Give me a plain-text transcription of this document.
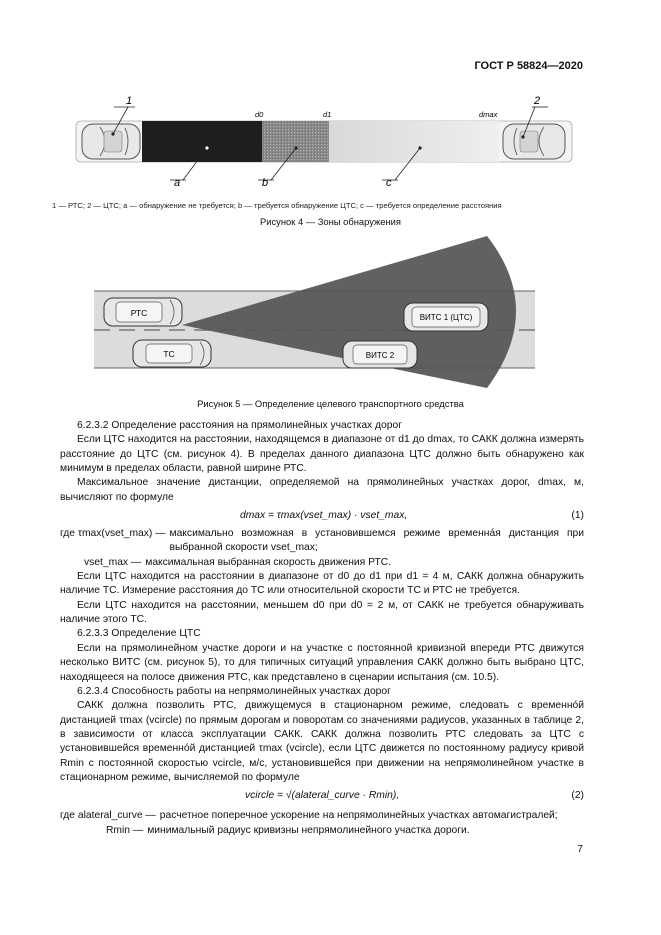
ГОСТ Р 58824—2020
1	2
a	b	c
d0	d1	dmax
РТС
ТС
ВИТС 1 (ЦТС)
ВИТС 2
1 — РТС; 2 — ЦТС; a — обнаружение не требуется; b — требуется обнаружение ЦТС; c — требуется определение расстояния
Рисунок 4 — Зоны обнаружения
Рисунок 5 — Определение целевого транспортного средства

6.2.3.2 Определение расстояния на прямолинейных участках дорог

Если ЦТС находится на расстоянии, находящемся в диапазоне от d1 до dmax, то САКК должна измерять расстояние до ЦТС (см. рисунок 4). В пределах данного диапазона ЦТС должно быть обнаружено как минимум в пределах области, равной ширине РТС.

Максимальное значение дистанции, определяемой на прямолинейных участках дорог, dmax, м, вычисляют по формуле

dmax = τmax(vset_max) · vset_max,	(1)
где τmax(vset_max) — максимально возможная в установившемся режиме временна́я дистанция при выбранной скорости vset_max;
vset_max — максимальная выбранная скорость движения РТС.

Если ЦТС находится на расстоянии в диапазоне от d0 до d1 при d1 = 4 м, САКК должна обнаружить наличие ТС. Измерение расстояния до ТС или относительной скорости ТС и РТС не требуется.

Если ЦТС находится на расстоянии, меньшем d0 при d0 = 2 м, от САКК не требуется обнаруживать наличие этого ТС.

6.2.3.3 Определение ЦТС

Если на прямолинейном участке дороги и на участке с постоянной кривизной впереди РТС движутся несколько ВИТС (см. рисунок 5), то для типичных ситуаций управления САКК должно быть выбрано ЦТС, находящееся на полосе движения РТС, как представлено в сценарии испытания (см. 10.5).

6.2.3.4 Способность работы на непрямолинейных участках дорог

САКК должна позволить РТС, движущемуся в стационарном режиме, следовать с временно́й дистанцией τmax (vcircle) по прямым дорогам и поворотам со значениями радиусов, указанных в таблице 2, в зависимости от класса эксплуатации САКК. САКК должна позволить РТС следовать за ЦТС с установившейся временно́й дистанцией τmax (vcircle), если ЦТС движется по постоянному радиусу кривой Rmin с постоянной скоростью vcircle, м/с, установившейся при движении на непрямолинейном участке в стационарном режиме, вычисляемой по формуле

vcircle = √(alateral_curve · Rmin),	(2)
где alateral_curve — расчетное поперечное ускорение на непрямолинейных участках автомагистралей;
Rmin — минимальный радиус кривизны непрямолинейного участка дороги.
7
